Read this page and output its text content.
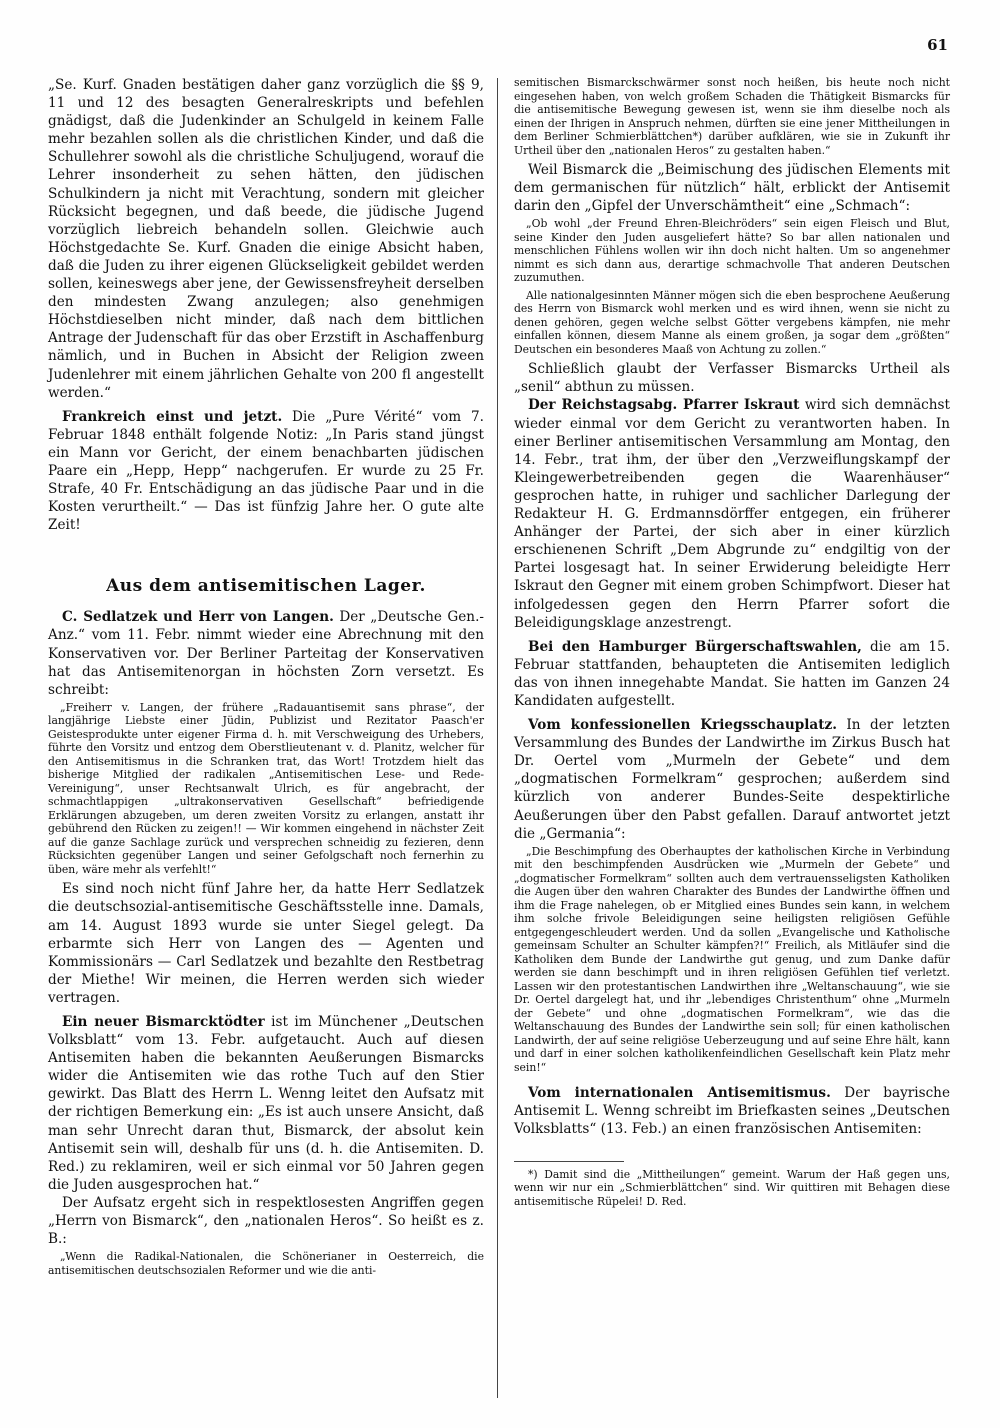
61

„Se. Kurf. Gnaden bestätigen daher ganz vorzüglich die §§ 9, 11 und 12 des besagten Generalreskripts und befehlen gnädigst, daß die Judenkinder an Schulgeld in keinem Falle mehr bezahlen sollen als die christlichen Kinder, und daß die Schullehrer sowohl als die christliche Schuljugend, worauf die Lehrer insonderheit zu sehen hätten, den jüdischen Schulkindern ja nicht mit Verachtung, sondern mit gleicher Rücksicht begegnen, und daß beede, die jüdische Jugend vorzüglich liebreich behandeln sollen. Gleichwie auch Höchstgedachte Se. Kurf. Gnaden die einige Absicht haben, daß die Juden zu ihrer eigenen Glückseligkeit gebildet werden sollen, keineswegs aber jene, der Gewissensfreyheit derselben den mindesten Zwang anzulegen; also genehmigen Höchstdieselben nicht minder, daß nach dem bittlichen Antrage der Judenschaft für das ober Erzstift in Aschaffenburg nämlich, und in Buchen in Absicht der Religion zween Judenlehrer mit einem jährlichen Gehalte von 200 fl angestellt werden.“

Frankreich einst und jetzt. Die „Pure Vérité“ vom 7. Februar 1848 enthält folgende Notiz: „In Paris stand jüngst ein Mann vor Gericht, der einem benachbarten jüdischen Paare ein „Hepp, Hepp“ nachgerufen. Er wurde zu 25 Fr. Strafe, 40 Fr. Entschädigung an das jüdische Paar und in die Kosten verurtheilt.“ — Das ist fünfzig Jahre her. O gute alte Zeit!

Aus dem antisemitischen Lager.

C. Sedlatzek und Herr von Langen. Der „Deutsche Gen.-Anz.“ vom 11. Febr. nimmt wieder eine Abrechnung mit den Konservativen vor. Der Berliner Parteitag der Konservativen hat das Antisemitenorgan in höchsten Zorn versetzt. Es schreibt:

„Freiherr v. Langen, der frühere „Radauantisemit sans phrase“, der langjährige Liebste einer Jüdin, Publizist und Rezitator Paasch'er Geistesprodukte unter eigener Firma d. h. mit Verschweigung des Urhebers, führte den Vorsitz und entzog dem Oberstlieutenant v. d. Planitz, welcher für den Antisemitismus in die Schranken trat, das Wort! Trotzdem hielt das bisherige Mitglied der radikalen „Antisemitischen Lese- und Rede-Vereinigung“, unser Rechtsanwalt Ulrich, es für angebracht, der schmachtlappigen „ultrakonservativen Gesellschaft“ befriedigende Erklärungen abzugeben, um deren zweiten Vorsitz zu erlangen, anstatt ihr gebührend den Rücken zu zeigen!! — Wir kommen eingehend in nächster Zeit auf die ganze Sachlage zurück und versprechen schneidig zu fezieren, denn Rücksichten gegenüber Langen und seiner Gefolgschaft noch fernerhin zu üben, wäre mehr als verfehlt!“

Es sind noch nicht fünf Jahre her, da hatte Herr Sedlatzek die deutschsozial-antisemitische Geschäftsstelle inne. Damals, am 14. August 1893 wurde sie unter Siegel gelegt. Da erbarmte sich Herr von Langen des — Agenten und Kommissionärs — Carl Sedlatzek und bezahlte den Restbetrag der Miethe! Wir meinen, die Herren werden sich wieder vertragen.

Ein neuer Bismarcktödter ist im Münchener „Deutschen Volksblatt“ vom 13. Febr. aufgetaucht. Auch auf diesen Antisemiten haben die bekannten Aeußerungen Bismarcks wider die Antisemiten wie das rothe Tuch auf den Stier gewirkt. Das Blatt des Herrn L. Wenng leitet den Aufsatz mit der richtigen Bemerkung ein: „Es ist auch unsere Ansicht, daß man sehr Unrecht daran thut, Bismarck, der absolut kein Antisemit sein will, deshalb für uns (d. h. die Antisemiten. D. Red.) zu reklamiren, weil er sich einmal vor 50 Jahren gegen die Juden ausgesprochen hat.“

Der Aufsatz ergeht sich in respektlosesten Angriffen gegen „Herrn von Bismarck“, den „nationalen Heros“. So heißt es z. B.:

„Wenn die Radikal-Nationalen, die Schönerianer in Oesterreich, die antisemitischen deutschsozialen Reformer und wie die anti-

semitischen Bismarckschwärmer sonst noch heißen, bis heute noch nicht eingesehen haben, von welch großem Schaden die Thätigkeit Bismarcks für die antisemitische Bewegung gewesen ist, wenn sie ihm dieselbe noch als einen der Ihrigen in Anspruch nehmen, dürften sie eine jener Mittheilungen in dem Berliner Schmierblättchen*) darüber aufklären, wie sie in Zukunft ihr Urtheil über den „nationalen Heros“ zu gestalten haben.“

Weil Bismarck die „Beimischung des jüdischen Elements mit dem germanischen für nützlich“ hält, erblickt der Antisemit darin den „Gipfel der Unverschämtheit“ eine „Schmach“:

„Ob wohl „der Freund Ehren-Bleichröders“ sein eigen Fleisch und Blut, seine Kinder den Juden ausgeliefert hätte? So bar allen nationalen und menschlichen Fühlens wollen wir ihn doch nicht halten. Um so angenehmer nimmt es sich dann aus, derartige schmachvolle That anderen Deutschen zuzumuthen.

Alle nationalgesinnten Männer mögen sich die eben besprochene Aeußerung des Herrn von Bismarck wohl merken und es wird ihnen, wenn sie nicht zu denen gehören, gegen welche selbst Götter vergebens kämpfen, nie mehr einfallen können, diesem Manne als einem großen, ja sogar dem „größten“ Deutschen ein besonderes Maaß von Achtung zu zollen.“

Schließlich glaubt der Verfasser Bismarcks Urtheil als „senil“ abthun zu müssen.

Der Reichstagsabg. Pfarrer Iskraut wird sich demnächst wieder einmal vor dem Gericht zu verantworten haben. In einer Berliner antisemitischen Versammlung am Montag, den 14. Febr., trat ihm, der über den „Verzweiflungskampf der Kleingewerbetreibenden gegen die Waarenhäuser“ gesprochen hatte, in ruhiger und sachlicher Darlegung der Redakteur H. G. Erdmannsdörffer entgegen, ein früherer Anhänger der Partei, der sich aber in einer kürzlich erschienenen Schrift „Dem Abgrunde zu“ endgiltig von der Partei losgesagt hat. In seiner Erwiderung beleidigte Herr Iskraut den Gegner mit einem groben Schimpfwort. Dieser hat infolgedessen gegen den Herrn Pfarrer sofort die Beleidigungsklage anzestrengt.

Bei den Hamburger Bürgerschaftswahlen, die am 15. Februar stattfanden, behaupteten die Antisemiten lediglich das von ihnen innegehabte Mandat. Sie hatten im Ganzen 24 Kandidaten aufgestellt.

Vom konfessionellen Kriegsschauplatz. In der letzten Versammlung des Bundes der Landwirthe im Zirkus Busch hat Dr. Oertel vom „Murmeln der Gebete“ und dem „dogmatischen Formelkram“ gesprochen; außerdem sind kürzlich von anderer Bundes-Seite despektirliche Aeußerungen über den Pabst gefallen. Darauf antwortet jetzt die „Germania“:

„Die Beschimpfung des Oberhauptes der katholischen Kirche in Verbindung mit den beschimpfenden Ausdrücken wie „Murmeln der Gebete“ und „dogmatischer Formelkram“ sollten auch dem vertrauensseligsten Katholiken die Augen über den wahren Charakter des Bundes der Landwirthe öffnen und ihm die Frage nahelegen, ob er Mitglied eines Bundes sein kann, in welchem ihm solche frivole Beleidigungen seine heiligsten religiösen Gefühle entgegengeschleudert werden. Und da sollen „Evangelische und Katholische gemeinsam Schulter an Schulter kämpfen?!“ Freilich, als Mitläufer sind die Katholiken dem Bunde der Landwirthe gut genug, und zum Danke dafür werden sie dann beschimpft und in ihren religiösen Gefühlen tief verletzt. Lassen wir den protestantischen Landwirthen ihre „Weltanschauung“, wie sie Dr. Oertel dargelegt hat, und ihr „lebendiges Christenthum“ ohne „Murmeln der Gebete“ und ohne „dogmatischen Formelkram“, wie das die Weltanschauung des Bundes der Landwirthe sein soll; für einen katholischen Landwirth, der auf seine religiöse Ueberzeugung und auf seine Ehre hält, kann und darf in einer solchen katholikenfeindlichen Gesellschaft kein Platz mehr sein!“

Vom internationalen Antisemitismus. Der bayrische Antisemit L. Wenng schreibt im Briefkasten seines „Deutschen Volksblatts“ (13. Feb.) an einen französischen Antisemiten:

*) Damit sind die „Mittheilungen“ gemeint. Warum der Haß gegen uns, wenn wir nur ein „Schmierblättchen“ sind. Wir quittiren mit Behagen diese antisemitische Rüpelei! D. Red.
